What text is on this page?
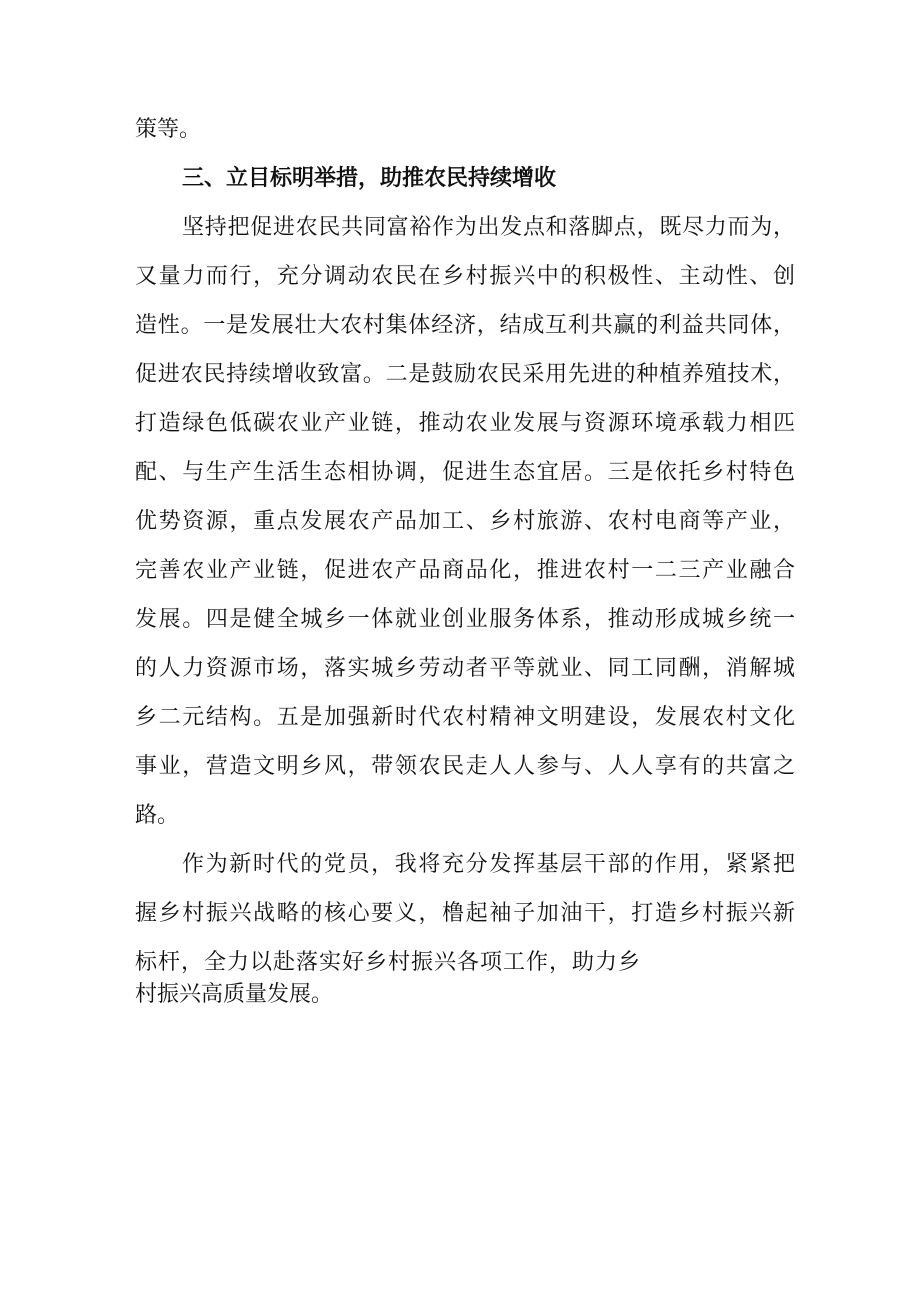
策等。
三、立目标明举措，助推农民持续增收
坚持把促进农民共同富裕作为出发点和落脚点，既尽力而为，
又量力而行，充分调动农民在乡村振兴中的积极性、主动性、创
造性。一是发展壮大农村集体经济，结成互利共赢的利益共同体，
促进农民持续增收致富。二是鼓励农民采用先进的种植养殖技术，
打造绿色低碳农业产业链，推动农业发展与资源环境承载力相匹
配、与生产生活生态相协调，促进生态宜居。三是依托乡村特色
优势资源，重点发展农产品加工、乡村旅游、农村电商等产业，
完善农业产业链，促进农产品商品化，推进农村一二三产业融合
发展。四是健全城乡一体就业创业服务体系，推动形成城乡统一
的人力资源市场，落实城乡劳动者平等就业、同工同酬，消解城
乡二元结构。五是加强新时代农村精神文明建设，发展农村文化
事业，营造文明乡风，带领农民走人人参与、人人享有的共富之
路。
作为新时代的党员，我将充分发挥基层干部的作用，紧紧把
握乡村振兴战略的核心要义，橹起袖子加油干，打造乡村振兴新
标杆，全力以赴落实好乡村振兴各项工作，助力乡
村振兴高质量发展。
